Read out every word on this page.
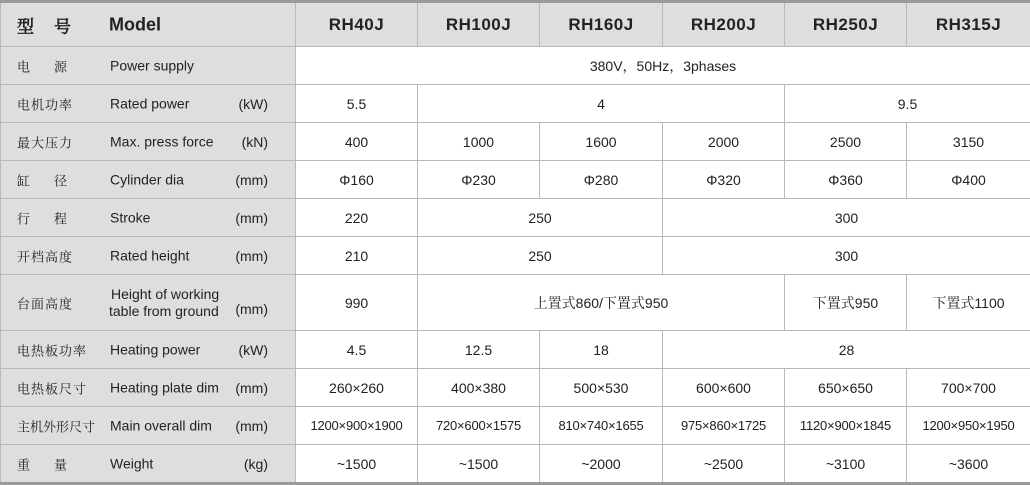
型号 Model	RH40J	RH100J	RH160J	RH200J	RH250J	RH315J

电源 Power supply	380V，50Hz，3phases					

电机功率 Rated power (kW)	5.5	4			9.5	

最大压力 Max. press force (kN)	400	1000	1600	2000	2500	3150

缸径 Cylinder dia (mm)	Φ160	Φ230	Φ280	Φ320	Φ360	Φ400

行程 Stroke (mm)	220	250		300		

开档高度 Rated height (mm)	210	250		300		

台面高度
Height of working
table from ground (mm)	990	上置式860/下置式950			下置式950	下置式1100

电热板功率 Heating power (kW)	4.5	12.5	18	28		

电热板尺寸 Heating plate dim (mm)	260×260	400×380	500×530	600×600	650×650	700×700

主机外形尺寸 Main overall dim (mm)	1200×900×1900	720×600×1575	810×740×1655	975×860×1725	1120×900×1845	1200×950×1950

重量 Weight (kg)	~1500	~1500	~2000	~2500	~3100	~3600
